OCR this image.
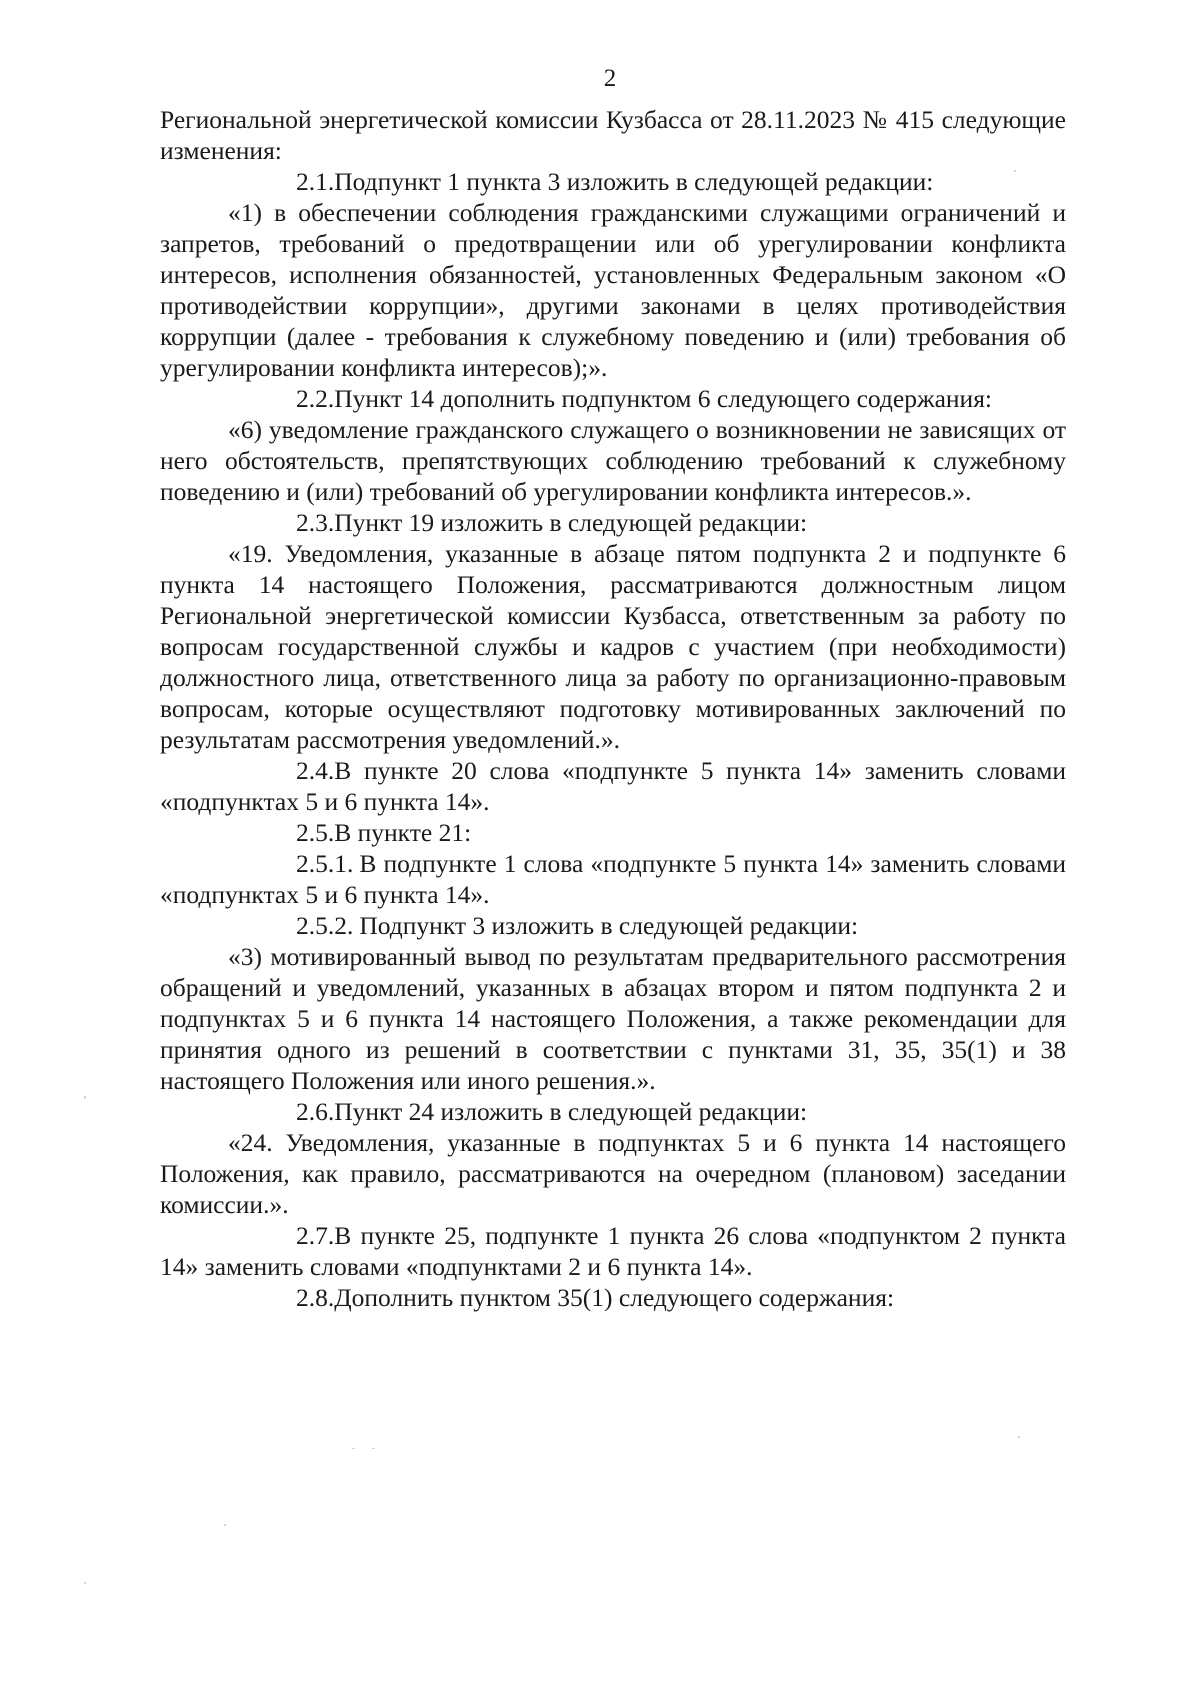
2

Региональной энергетической комиссии Кузбасса от 28.11.2023 № 415 следующие изменения:

2.1.Подпункт 1 пункта 3 изложить в следующей редакции:

«1) в обеспечении соблюдения гражданскими служащими ограничений и запретов, требований о предотвращении или об урегулировании конфликта интересов, исполнения обязанностей, установленных Федеральным законом «О противодействии коррупции», другими законами в целях противодействия коррупции (далее - требования к служебному поведению и (или) требования об урегулировании конфликта интересов);».

2.2.Пункт 14 дополнить подпунктом 6 следующего содержания:

«6) уведомление гражданского служащего о возникновении не зависящих от него обстоятельств, препятствующих соблюдению требований к служебному поведению и (или) требований об урегулировании конфликта интересов.».

2.3.Пункт 19 изложить в следующей редакции:

«19. Уведомления, указанные в абзаце пятом подпункта 2 и подпункте 6 пункта 14 настоящего Положения, рассматриваются должностным лицом Региональной энергетической комиссии Кузбасса, ответственным за работу по вопросам государственной службы и кадров с участием (при необходимости) должностного лица, ответственного лица за работу по организационно-правовым вопросам, которые осуществляют подготовку мотивированных заключений по результатам рассмотрения уведомлений.».

2.4.В пункте 20 слова «подпункте 5 пункта 14» заменить словами «подпунктах 5 и 6 пункта 14».

2.5.В пункте 21:

2.5.1. В подпункте 1 слова «подпункте 5 пункта 14» заменить словами «подпунктах 5 и 6 пункта 14».

2.5.2. Подпункт 3 изложить в следующей редакции:

«3) мотивированный вывод по результатам предварительного рассмотрения обращений и уведомлений, указанных в абзацах втором и пятом подпункта 2 и подпунктах 5 и 6 пункта 14 настоящего Положения, а также рекомендации для принятия одного из решений в соответствии с пунктами 31, 35, 35(1) и 38 настоящего Положения или иного решения.».

2.6.Пункт 24 изложить в следующей редакции:

«24. Уведомления, указанные в подпунктах 5 и 6 пункта 14 настоящего Положения, как правило, рассматриваются на очередном (плановом) заседании комиссии.».

2.7.В пункте 25, подпункте 1 пункта 26 слова «подпунктом 2 пункта 14» заменить словами «подпунктами 2 и 6 пункта 14».

2.8.Дополнить пунктом 35(1) следующего содержания:
